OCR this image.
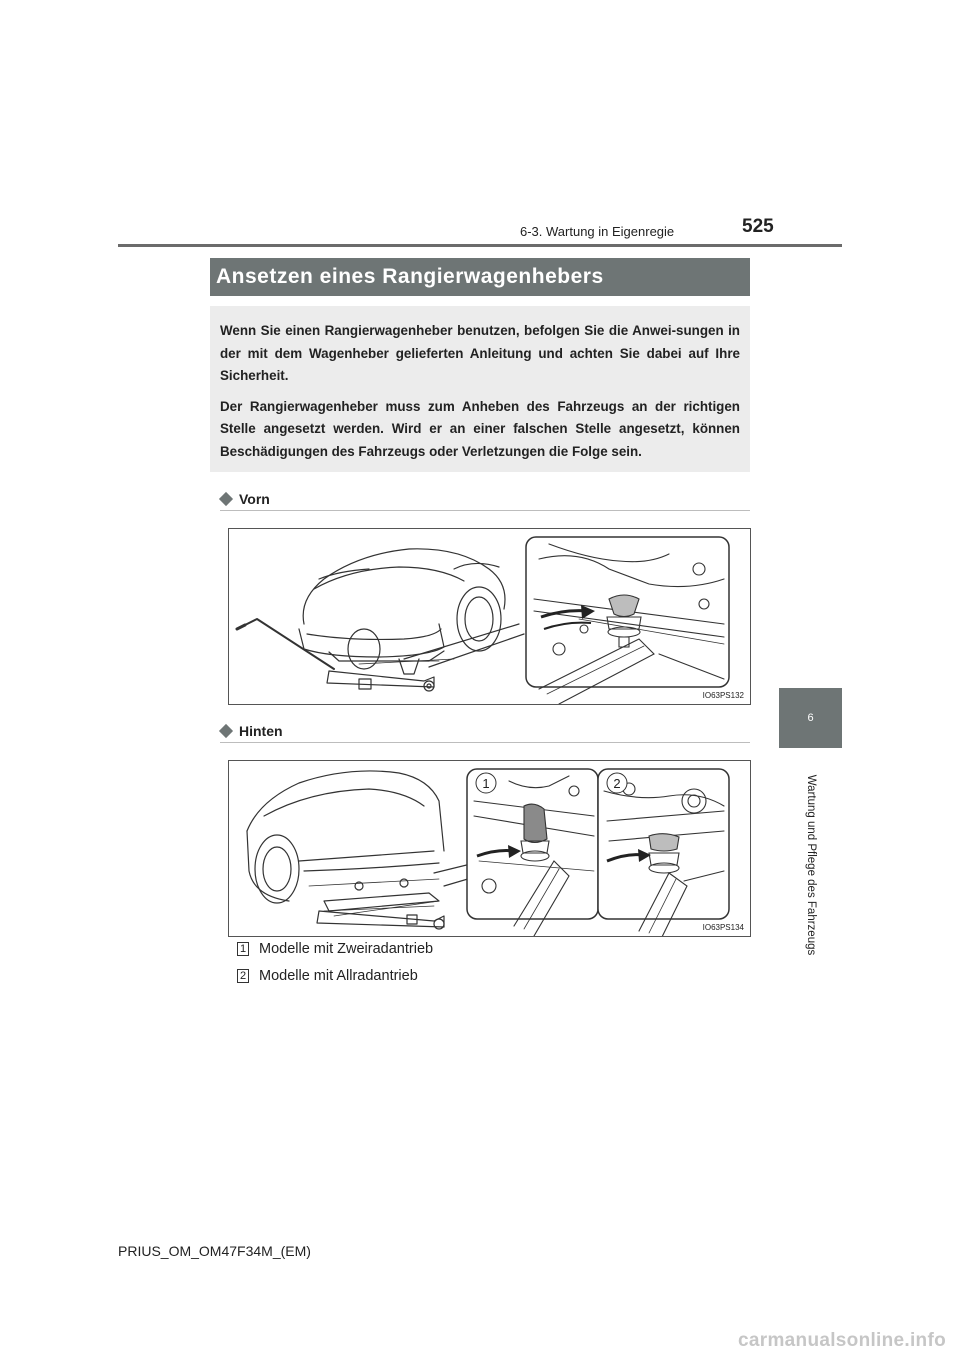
6-3. Wartung in Eigenregie	525
6
Wartung und Pflege des Fahrzeugs
Ansetzen eines Rangierwagenhebers

Wenn Sie einen Rangierwagenheber benutzen, befolgen Sie die Anwei-sungen in der mit dem Wagenheber gelieferten Anleitung und achten Sie dabei auf Ihre Sicherheit.

Der Rangierwagenheber muss zum Anheben des Fahrzeugs an der richtigen Stelle angesetzt werden. Wird er an einer falschen Stelle angesetzt, können Beschädigungen des Fahrzeugs oder Verletzungen die Folge sein.

Vorn
IO63PS132
Hinten
1	2
IO63PS134
1 Modelle mit Zweiradantrieb
2 Modelle mit Allradantrieb
PRIUS_OM_OM47F34M_(EM)
carmanualsonline.info
